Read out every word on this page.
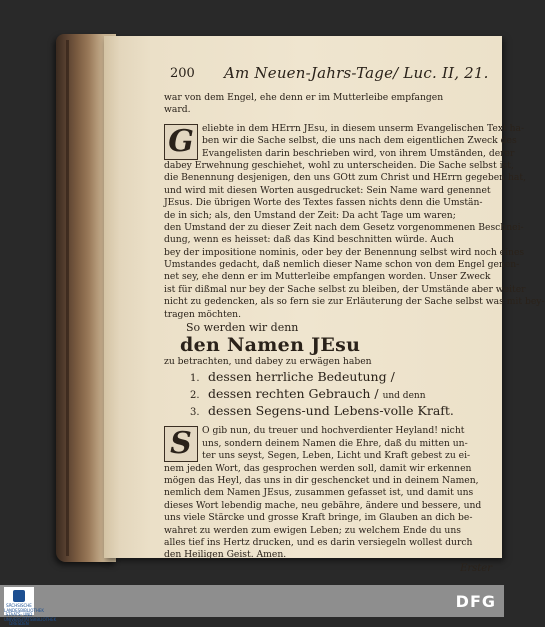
200 Am Neuen-Jahrs-Tage/ Luc. II, 21.
war von dem Engel, ehe denn er im Mutterleibe empfangen
ward.
G eliebte in dem HErrn JEsu, in diesem unserm Evangelischen Text ha-
ben wir die Sache selbst, die uns nach dem eigentlichen Zweck des
Evangelisten darin beschrieben wird, von ihrem Umständen, derer
dabey Erwehnung geschiehet, wohl zu unterscheiden. Die Sache selbst ist,
die Benennung desjenigen, den uns GOtt zum Christ und HErrn gegeben hat,
und wird mit diesen Worten ausgedrucket: Sein Name ward genennet
JEsus. Die übrigen Worte des Textes fassen nichts denn die Umstän-
de in sich; als, den Umstand der Zeit: Da acht Tage um waren;
den Umstand der zu dieser Zeit nach dem Gesetz vorgenommenen Beschnei-
dung, wenn es heisset: daß das Kind beschnitten würde. Auch
bey der impositione nominis, oder bey der Benennung selbst wird noch eines
Umstandes gedacht, daß nemlich dieser Name schon von dem Engel genen-
net sey, ehe denn er im Mutterleibe empfangen worden. Unser Zweck
ist für dißmal nur bey der Sache selbst zu bleiben, der Umstände aber weiter
nicht zu gedencken, als so fern sie zur Erläuterung der Sache selbst was mit bey-
tragen möchten.
So werden wir denn
den Namen JEsu
zu betrachten, und dabey zu erwägen haben
1. dessen herrliche Bedeutung /
2. dessen rechten Gebrauch / und denn
3. dessen Segens-und Lebens-volle Kraft.
S	O gib nun, du treuer und hochverdienter Heyland! nicht
uns, sondern deinem Namen die Ehre, daß du mitten un-
ter uns seyst, Segen, Leben, Licht und Kraft gebest zu ei-
nem jeden Wort, das gesprochen werden soll, damit wir erkennen
mögen das Heyl, das uns in dir geschencket und in deinem Namen,
nemlich dem Namen JEsus, zusammen gefasset ist, und damit uns
dieses Wort lebendig mache, neu gebähre, ändere und bessere, und
uns viele Stärcke und grosse Kraft bringe, im Glauben an dich be-
wahret zu werden zum ewigen Leben; zu welchem Ende du uns
alles tief ins Hertz drucken, und es darin versiegeln wollest durch
den Heiligen Geist. Amen.
Erster
SÄCHSISCHE LANDESBIBLIOTHEK STAATS- UND UNIVERSITÄTSBIBLIOTHEK DRESDEN
DFG
